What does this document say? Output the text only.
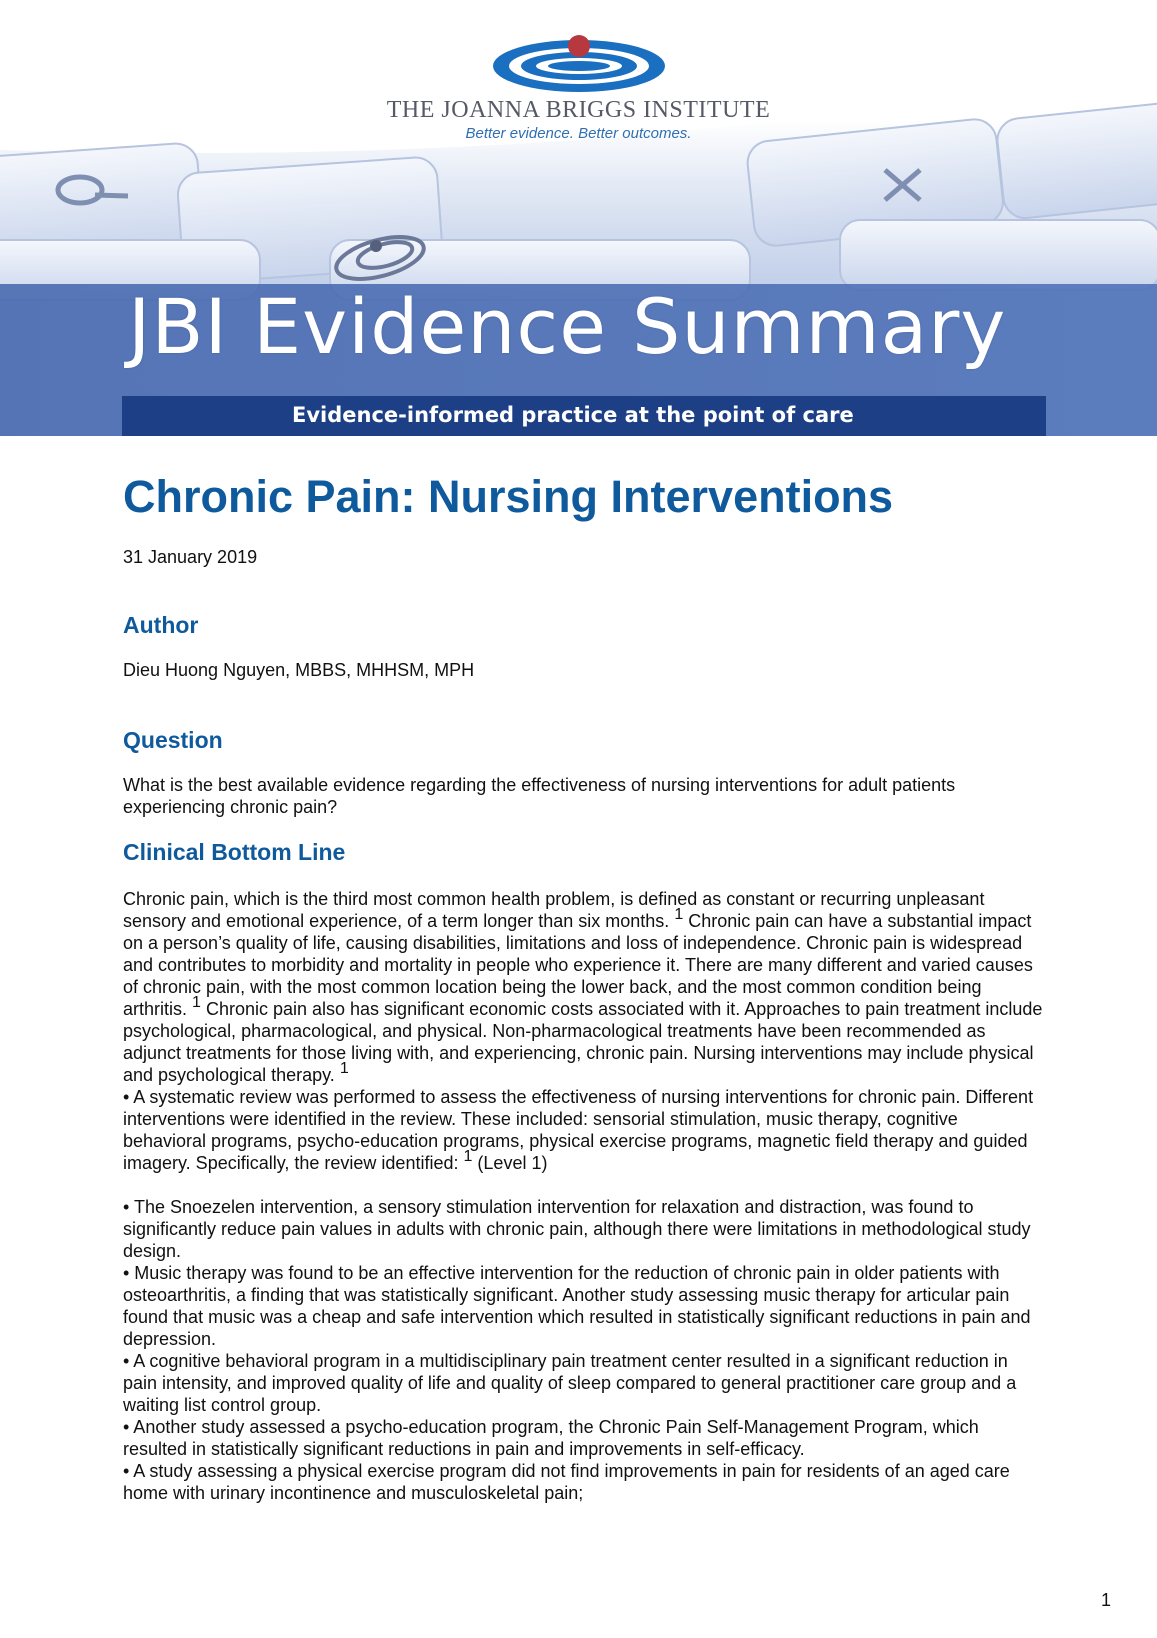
THE JOANNA BRIGGS INSTITUTE
Better evidence. Better outcomes.
JBI Evidence Summary
Evidence-informed practice at the point of care
Chronic Pain: Nursing Interventions
31 January 2019
Author
Dieu Huong Nguyen, MBBS, MHHSM, MPH
Question
What is the best available evidence regarding the effectiveness of nursing interventions for adult patients experiencing chronic pain?
Clinical Bottom Line

Chronic pain, which is the third most common health problem, is defined as constant or recurring unpleasant sensory and emotional experience, of a term longer than six months. $^1$ Chronic pain can have a substantial impact on a person’s quality of life, causing disabilities, limitations and loss of independence. Chronic pain is widespread and contributes to morbidity and mortality in people who experience it. There are many different and varied causes of chronic pain, with the most common location being the lower back, and the most common condition being arthritis. $^1$ Chronic pain also has significant economic costs associated with it. Approaches to pain treatment include psychological, pharmacological, and physical. Non-pharmacological treatments have been recommended as adjunct treatments for those living with, and experiencing, chronic pain. Nursing interventions may include physical and psychological therapy. $^1$

• A systematic review was performed to assess the effectiveness of nursing interventions for chronic pain. Different interventions were identified in the review. These included: sensorial stimulation, music therapy, cognitive behavioral programs, psycho-education programs, physical exercise programs, magnetic field therapy and guided imagery. Specifically, the review identified: $^1$ (Level 1)

• The Snoezelen intervention, a sensory stimulation intervention for relaxation and distraction, was found to significantly reduce pain values in adults with chronic pain, although there were limitations in methodological study design.

• Music therapy was found to be an effective intervention for the reduction of chronic pain in older patients with osteoarthritis, a finding that was statistically significant. Another study assessing music therapy for articular pain found that music was a cheap and safe intervention which resulted in statistically significant reductions in pain and depression.

• A cognitive behavioral program in a multidisciplinary pain treatment center resulted in a significant reduction in pain intensity, and improved quality of life and quality of sleep compared to general practitioner care group and a waiting list control group.

• Another study assessed a psycho-education program, the Chronic Pain Self-Management Program, which resulted in statistically significant reductions in pain and improvements in self-efficacy.

• A study assessing a physical exercise program did not find improvements in pain for residents of an aged care home with urinary incontinence and musculoskeletal pain;

1
